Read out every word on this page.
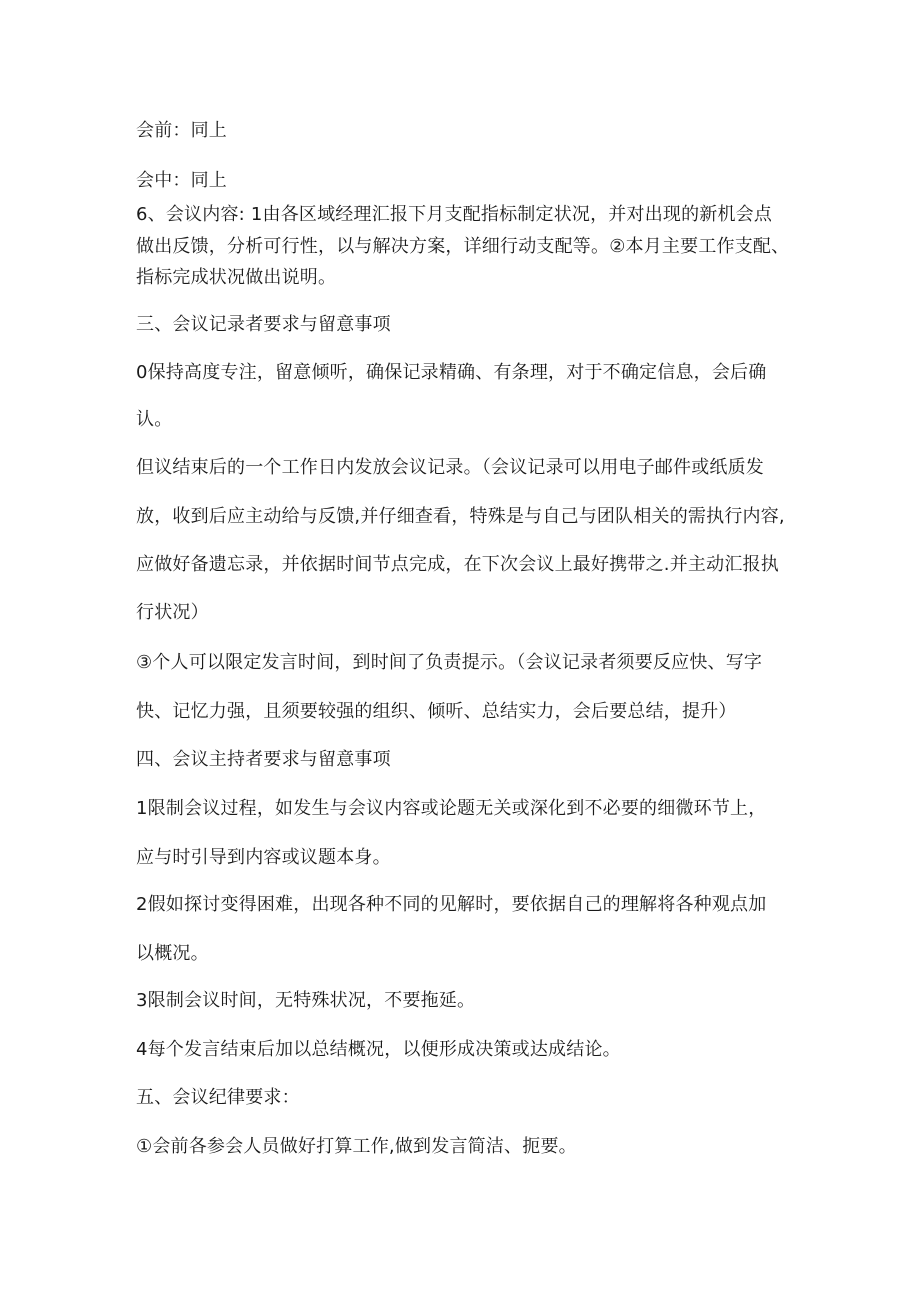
会前：同上
会中：同上
6、会议内容: 1由各区域经理汇报下月支配指标制定状况，并对出现的新机会点
做出反馈，分析可行性，以与解决方案，详细行动支配等。②本月主要工作支配、
指标完成状况做出说明。
三、会议记录者要求与留意事项
0保持高度专注，留意倾听，确保记录精确、有条理，对于不确定信息，会后确
认。
但议结束后的一个工作日内发放会议记录。（会议记录可以用电子邮件或纸质发
放，收到后应主动给与反馈,并仔细查看，特殊是与自己与团队相关的需执行内容,
应做好备遗忘录，并依据时间节点完成，在下次会议上最好携带之.并主动汇报执
行状况）
③个人可以限定发言时间，到时间了负责提示。（会议记录者须要反应快、写字
快、记忆力强，且须要较强的组织、倾听、总结实力，会后要总结，提升）
四、会议主持者要求与留意事项
1限制会议过程，如发生与会议内容或论题无关或深化到不必要的细微环节上，
应与时引导到内容或议题本身。
2假如探讨变得困难，出现各种不同的见解时，要依据自己的理解将各种观点加
以概况。
3限制会议时间，无特殊状况，不要拖延。
4每个发言结束后加以总结概况，以便形成决策或达成结论。
五、会议纪律要求：
①会前各参会人员做好打算工作,做到发言简洁、扼要。
